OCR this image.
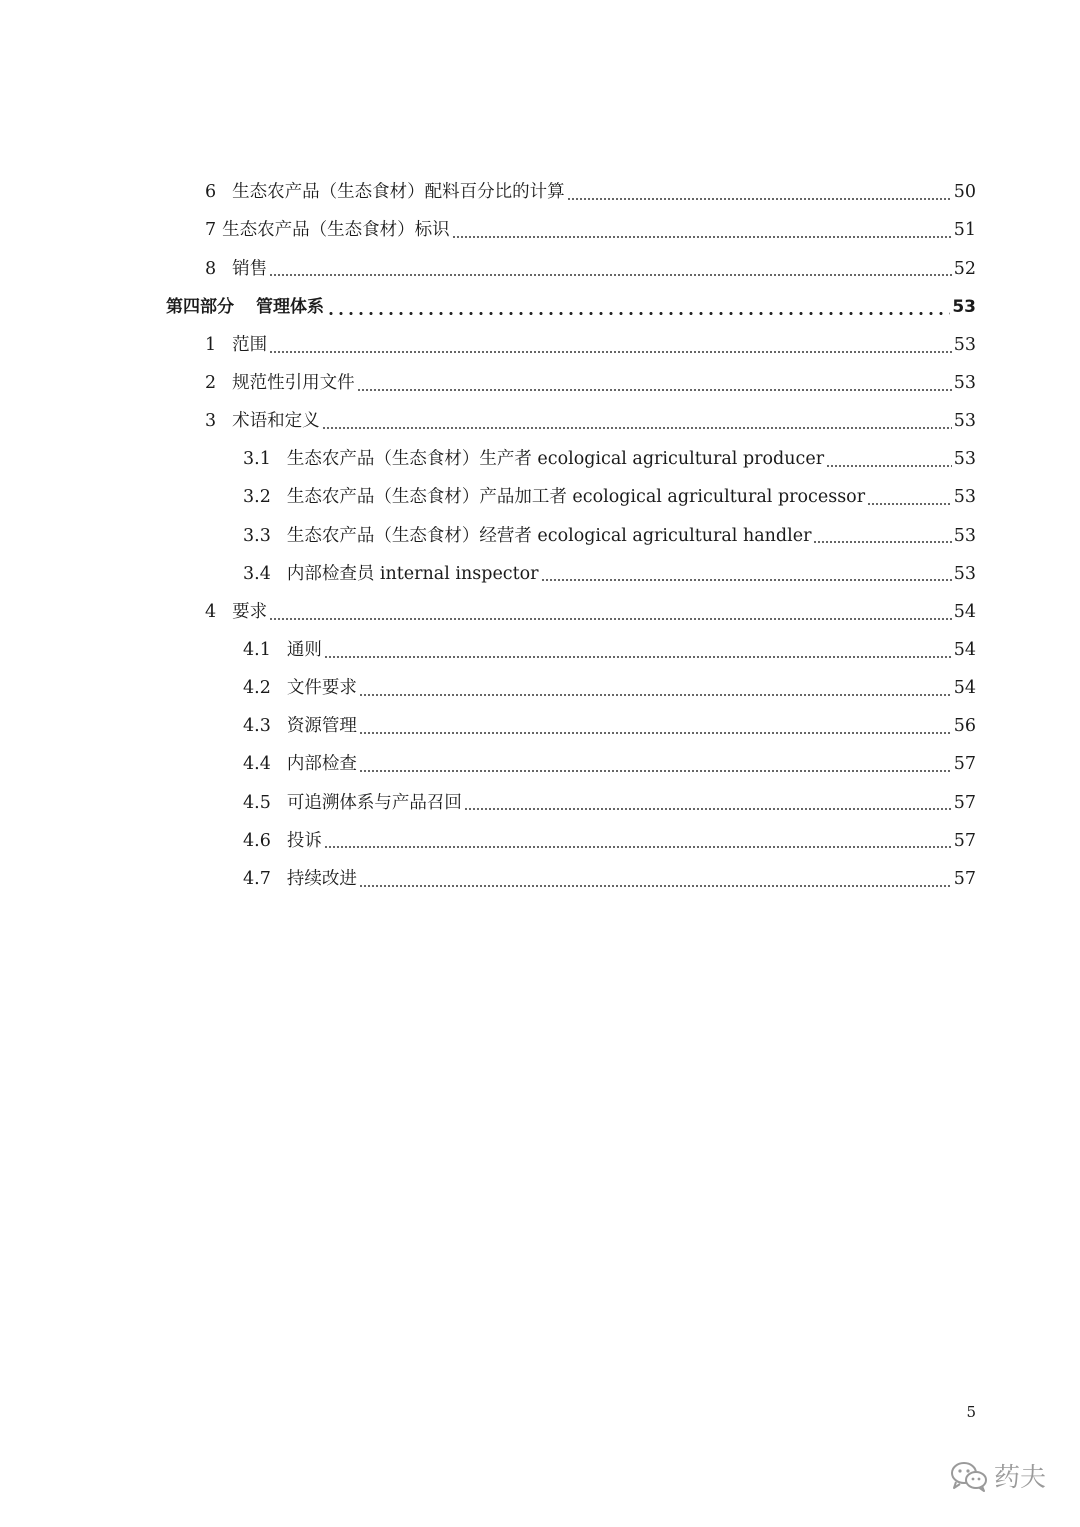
6 生态农产品（生态食材）配料百分比的计算	50
7 生态农产品（生态食材）标识	51
8 销售	52
第四部分 管理体系	53
1 范围	53
2 规范性引用文件	53
3 术语和定义	53
3.1 生态农产品（生态食材）生产者 ecological agricultural producer	53
3.2 生态农产品（生态食材）产品加工者 ecological agricultural processor	53
3.3 生态农产品（生态食材）经营者 ecological agricultural handler	53
3.4 内部检查员 internal inspector	53
4 要求	54
4.1 通则	54
4.2 文件要求	54
4.3 资源管理	56
4.4 内部检查	57
4.5 可追溯体系与产品召回	57
4.6 投诉	57
4.7 持续改进	57
5
药夫
